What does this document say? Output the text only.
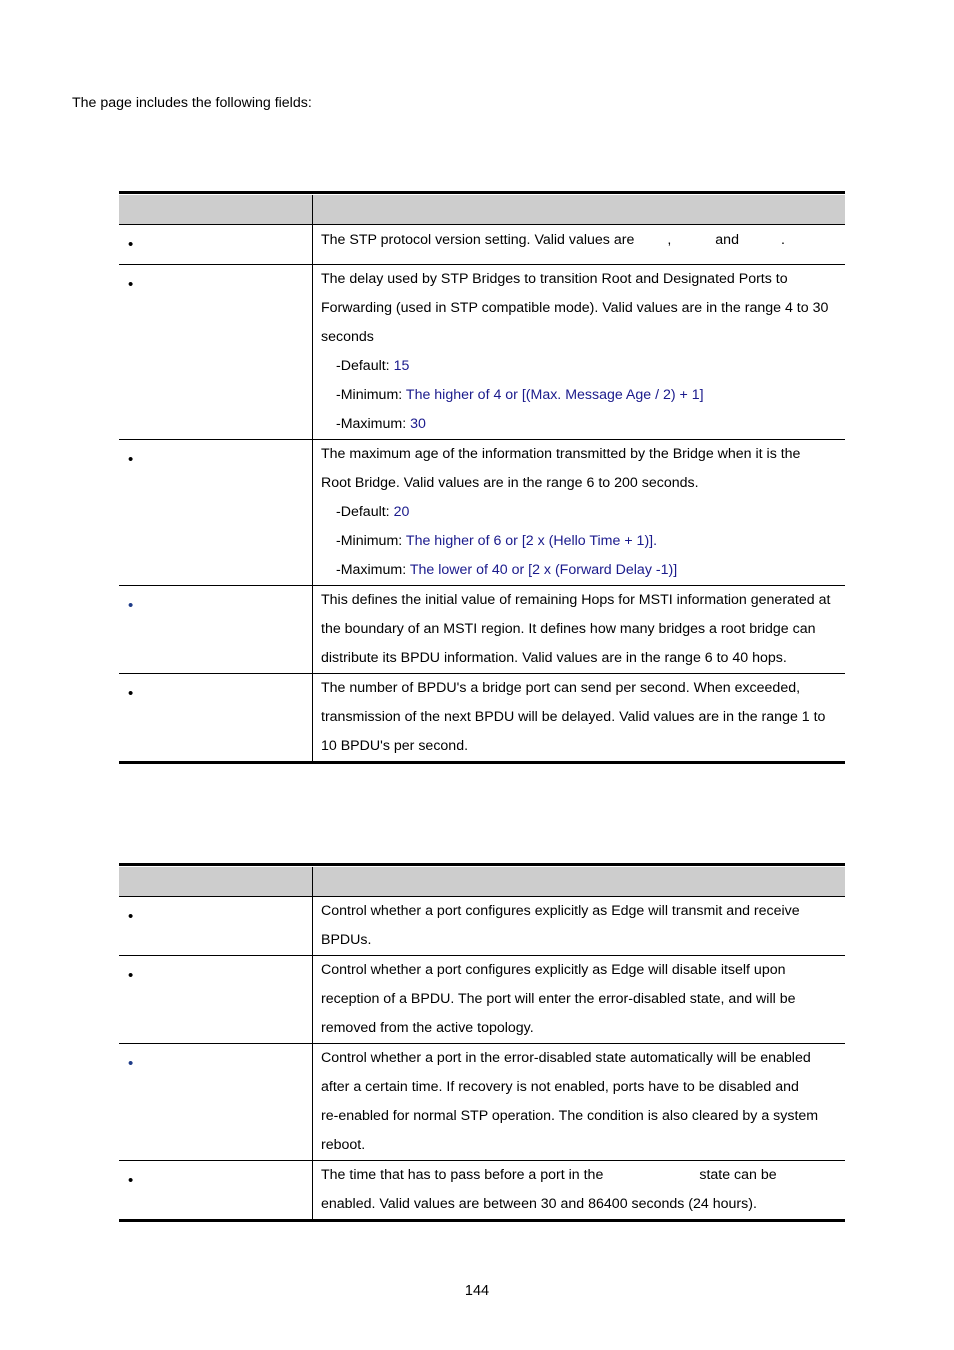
The page includes the following fields:
•	The STP protocol version setting. Valid values are ,	and	.
•	The delay used by STP Bridges to transition Root and Designated Ports to
Forwarding (used in STP compatible mode). Valid values are in the range 4 to 30
seconds
-Default: 15
-Minimum: The higher of 4 or [(Max. Message Age / 2) + 1]
-Maximum: 30
•	The maximum age of the information transmitted by the Bridge when it is the
Root Bridge. Valid values are in the range 6 to 200 seconds.
-Default: 20
-Minimum: The higher of 6 or [2 x (Hello Time + 1)].
-Maximum: The lower of 40 or [2 x (Forward Delay -1)]
•	This defines the initial value of remaining Hops for MSTI information generated at
the boundary of an MSTI region. It defines how many bridges a root bridge can
distribute its BPDU information. Valid values are in the range 6 to 40 hops.
•	The number of BPDU's a bridge port can send per second. When exceeded,
transmission of the next BPDU will be delayed. Valid values are in the range 1 to
10 BPDU's per second.
•	Control whether a port configures explicitly as Edge will transmit and receive
BPDUs.
•	Control whether a port configures explicitly as Edge will disable itself upon
reception of a BPDU. The port will enter the error-disabled state, and will be
removed from the active topology.
•	Control whether a port in the error-disabled state automatically will be enabled
after a certain time. If recovery is not enabled, ports have to be disabled and
re-enabled for normal STP operation. The condition is also cleared by a system
reboot.
•	The time that has to pass before a port in the	state can be
enabled. Valid values are between 30 and 86400 seconds (24 hours).
144
